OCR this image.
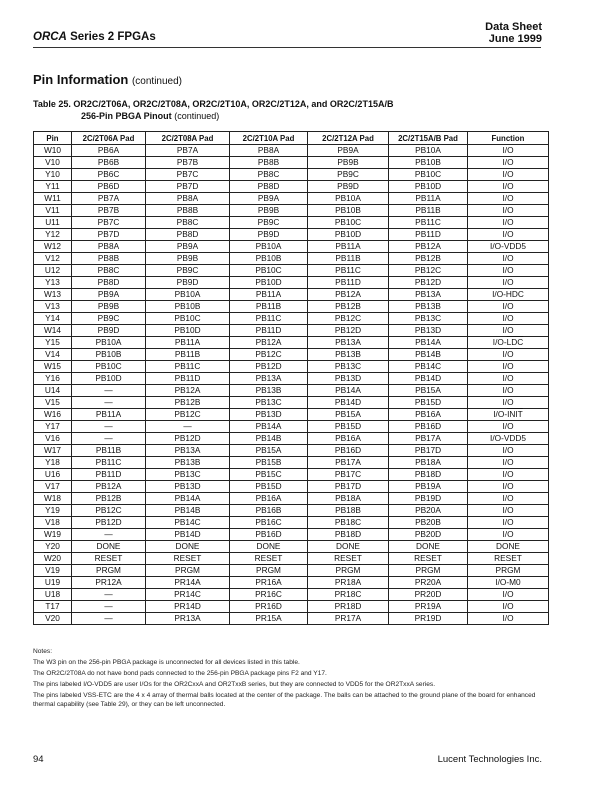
ORCA Series 2 FPGAs
Data Sheet
June 1999
Pin Information (continued)
Table 25. OR2C/2T06A, OR2C/2T08A, OR2C/2T10A, OR2C/2T12A, and OR2C/2T15A/B
256-Pin PBGA Pinout (continued)
Pin	2C/2T06A Pad	2C/2T08A Pad	2C/2T10A Pad	2C/2T12A Pad	2C/2T15A/B Pad	Function
W10	PB6A	PB7A	PB8A	PB9A	PB10A	I/O
V10	PB6B	PB7B	PB8B	PB9B	PB10B	I/O
Y10	PB6C	PB7C	PB8C	PB9C	PB10C	I/O
Y11	PB6D	PB7D	PB8D	PB9D	PB10D	I/O
W11	PB7A	PB8A	PB9A	PB10A	PB11A	I/O
V11	PB7B	PB8B	PB9B	PB10B	PB11B	I/O
U11	PB7C	PB8C	PB9C	PB10C	PB11C	I/O
Y12	PB7D	PB8D	PB9D	PB10D	PB11D	I/O
W12	PB8A	PB9A	PB10A	PB11A	PB12A	I/O-VDD5
V12	PB8B	PB9B	PB10B	PB11B	PB12B	I/O
U12	PB8C	PB9C	PB10C	PB11C	PB12C	I/O
Y13	PB8D	PB9D	PB10D	PB11D	PB12D	I/O
W13	PB9A	PB10A	PB11A	PB12A	PB13A	I/O-HDC
V13	PB9B	PB10B	PB11B	PB12B	PB13B	I/O
Y14	PB9C	PB10C	PB11C	PB12C	PB13C	I/O
W14	PB9D	PB10D	PB11D	PB12D	PB13D	I/O
Y15	PB10A	PB11A	PB12A	PB13A	PB14A	$I/O-\overline{LDC}$
V14	PB10B	PB11B	PB12C	PB13B	PB14B	I/O
W15	PB10C	PB11C	PB12D	PB13C	PB14C	I/O
Y16	PB10D	PB11D	PB13A	PB13D	PB14D	I/O
U14	—	PB12A	PB13B	PB14A	PB15A	I/O
V15	—	PB12B	PB13C	PB14D	PB15D	I/O
W16	PB11A	PB12C	PB13D	PB15A	PB16A	I/O-INIT
Y17	—	—	PB14A	PB15D	PB16D	I/O
V16	—	PB12D	PB14B	PB16A	PB17A	I/O-VDD5
W17	PB11B	PB13A	PB15A	PB16D	PB17D	I/O
Y18	PB11C	PB13B	PB15B	PB17A	PB18A	I/O
U16	PB11D	PB13C	PB15C	PB17C	PB18D	I/O
V17	PB12A	PB13D	PB15D	PB17D	PB19A	I/O
W18	PB12B	PB14A	PB16A	PB18A	PB19D	I/O
Y19	PB12C	PB14B	PB16B	PB18B	PB20A	I/O
V18	PB12D	PB14C	PB16C	PB18C	PB20B	I/O
W19	—	PB14D	PB16D	PB18D	PB20D	I/O
Y20	DONE	DONE	DONE	DONE	DONE	DONE
W20	RESET	RESET	RESET	RESET	RESET	RESET
V19	PRGM	PRGM	PRGM	PRGM	PRGM	PRGM
U19	PR12A	PR14A	PR16A	PR18A	PR20A	I/O-M0
U18	—	PR14C	PR16C	PR18C	PR20D	I/O
T17	—	PR14D	PR16D	PR18D	PR19A	I/O
V20	—	PR13A	PR15A	PR17A	PR19D	I/O
Notes:
The W3 pin on the 256-pin PBGA package is unconnected for all devices listed in this table.
The OR2C/2T08A do not have bond pads connected to the 256-pin PBGA package pins F2 and Y17.
The pins labeled I/O-VDD5 are user I/Os for the OR2CxxA and OR2TxxB series, but they are connected to VDD5 for the OR2TxxA series.
The pins labeled VSS-ETC are the 4 x 4 array of thermal balls located at the center of the package. The balls can be attached to the ground plane of the board for enhanced thermal capability (see Table 29), or they can be left unconnected.
94	Lucent Technologies Inc.
